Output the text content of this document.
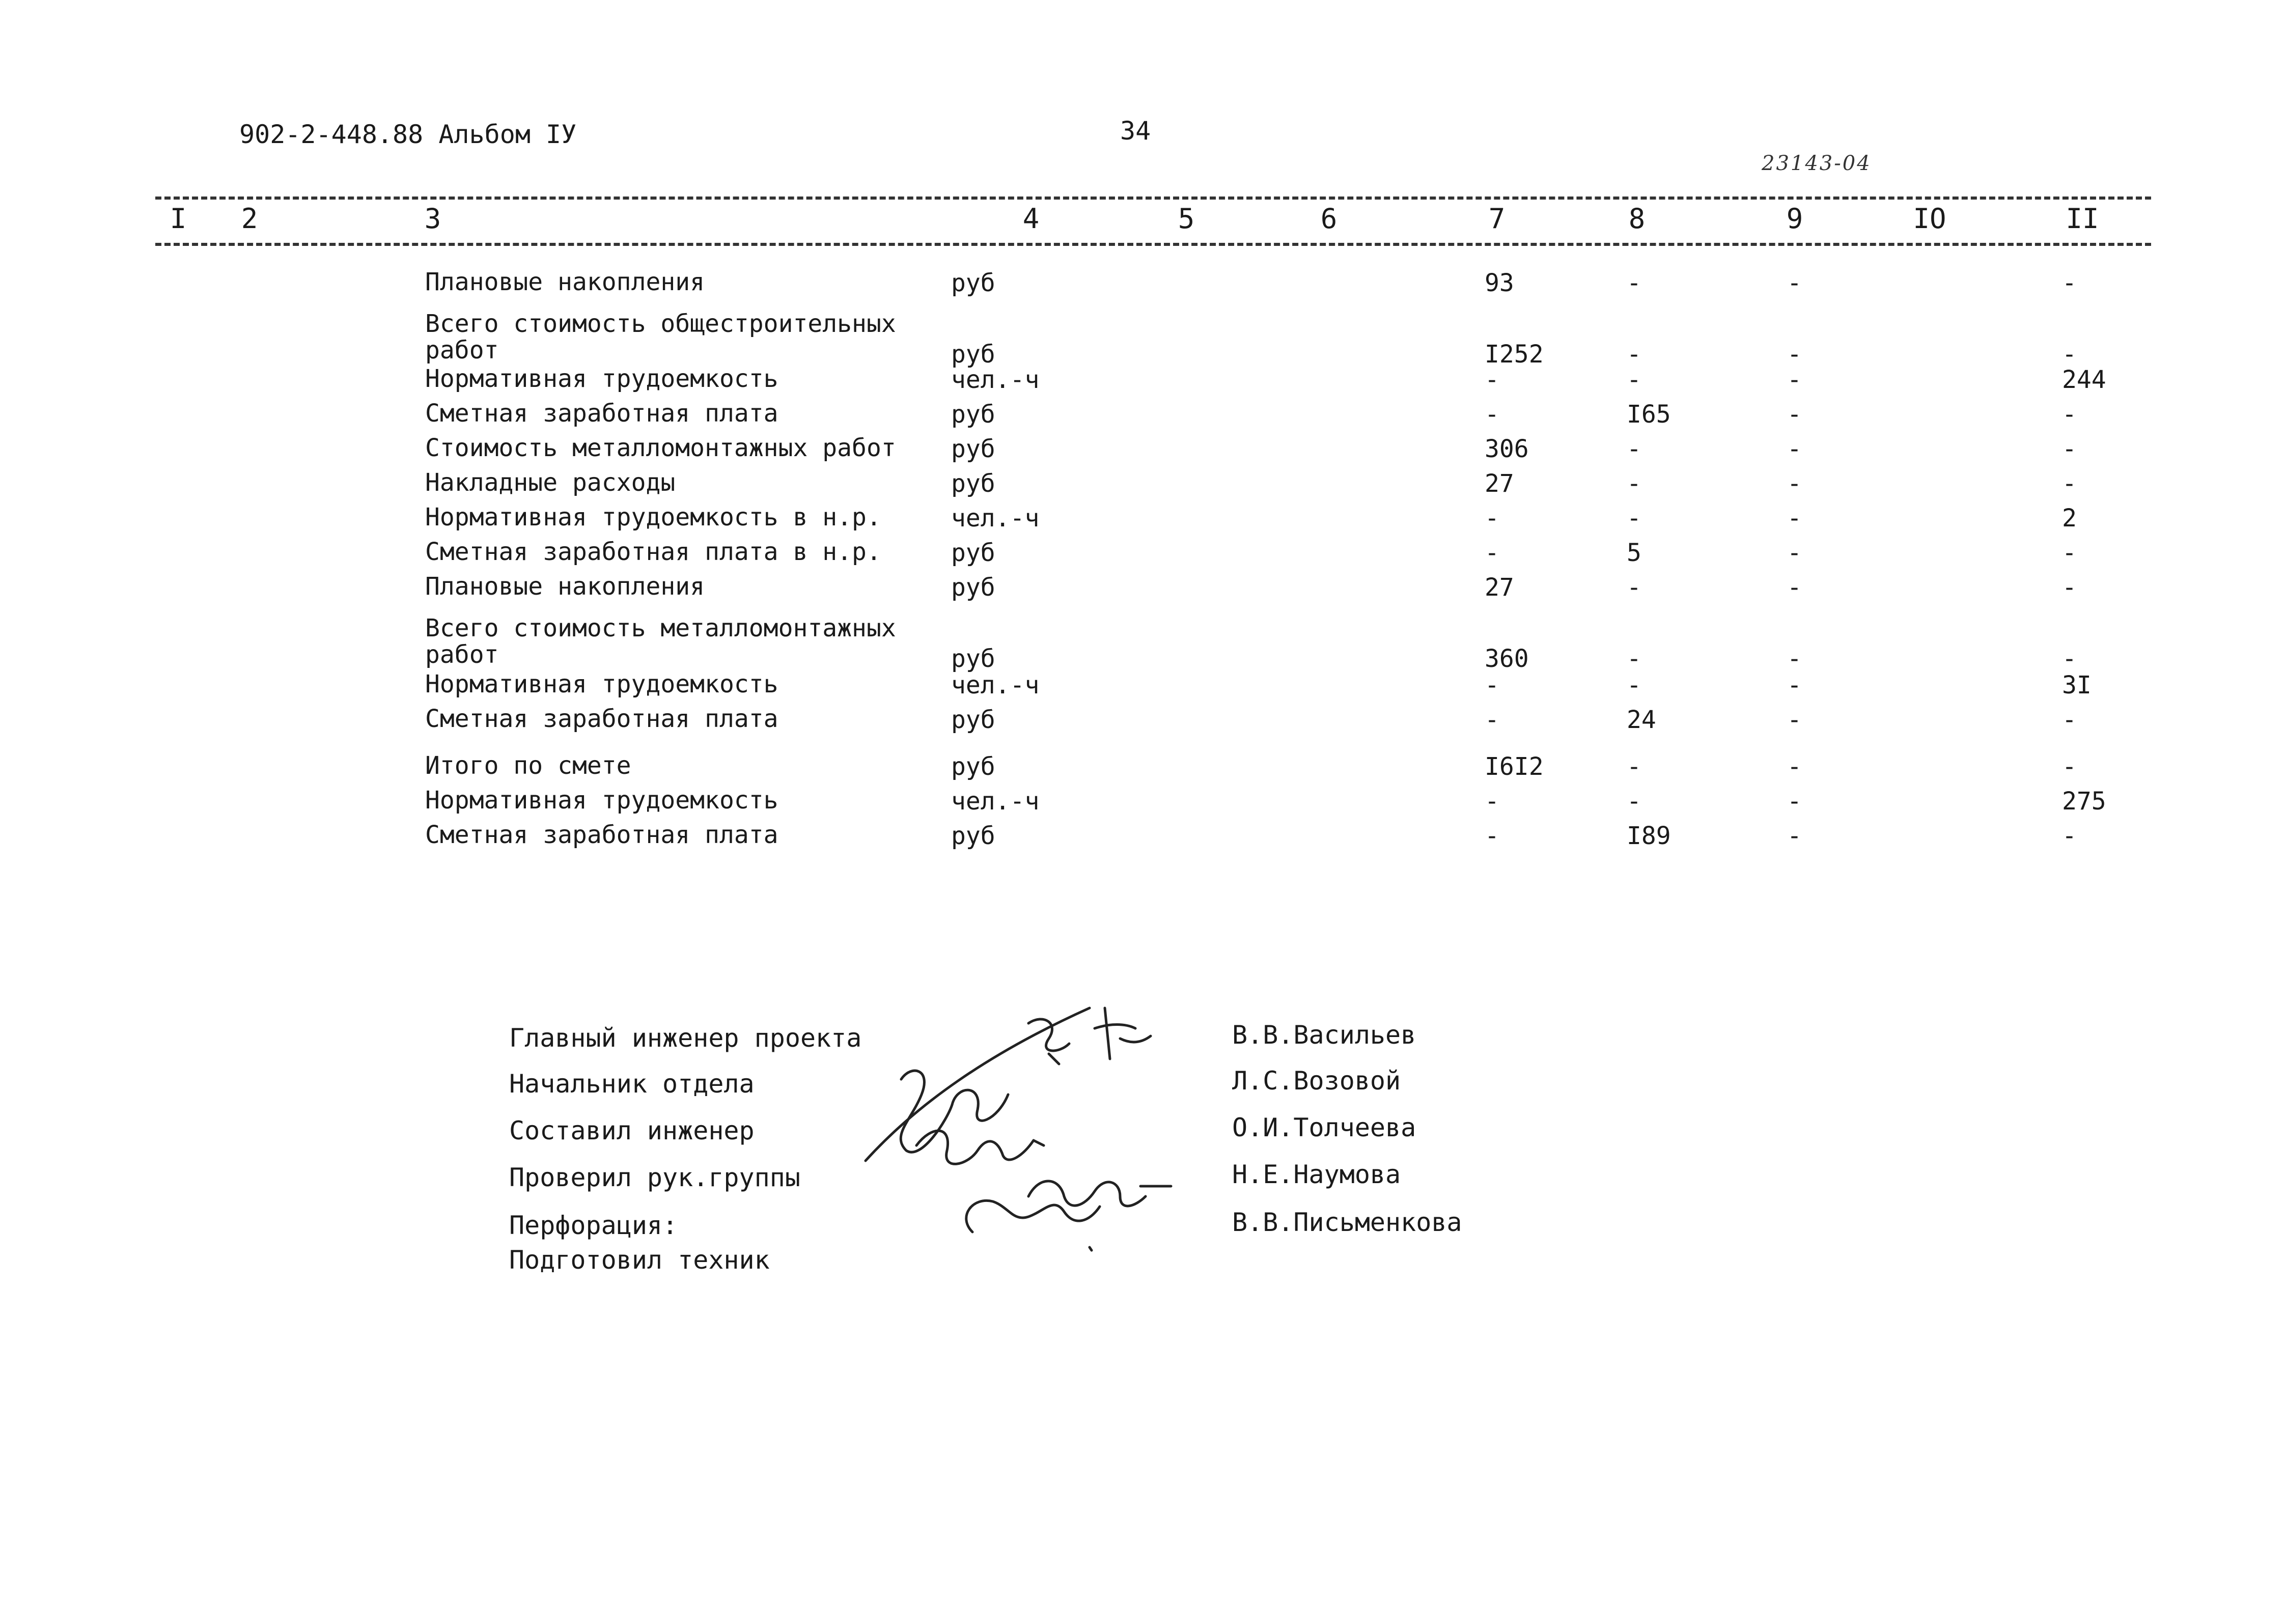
902-2-448.88 Альбом IУ	34
23143-04
I 2	3	4	5	6	7	8	9	IO	II
Плановые накопления	руб	93	-	-	-
Всего стоимость общестроительных
работ	руб	I252	-	-	-
Нормативная трудоемкость	чел.-ч	-	-	-	244
Сметная заработная плата	руб	-	I65	-	-
Стоимость металломонтажных работ руб	306	-	-	-
Накладные расходы	руб	27	-	-	-
Нормативная трудоемкость в н.р.	чел.-ч	-	-	-	2
Сметная заработная плата в н.р.	руб	-	5	-	-
Плановые накопления	руб	27	-	-	-
Всего стоимость металломонтажных
работ	руб	360	-	-	-
Нормативная трудоемкость	чел.-ч	-	-	-	3I
Сметная заработная плата	руб	-	24	-	-
Итого по смете	руб	I6I2	-	-	-
Нормативная трудоемкость	чел.-ч	-	-	-	275
Сметная заработная плата	руб	-	I89	-	-
Главный инженер проекта	В.В.Васильев
Начальник отдела	Л.С.Возовой
Составил инженер	О.И.Толчеева
Проверил рук.группы	Н.Е.Наумова
Перфорация:	В.В.Письменкова
Подготовил техник
